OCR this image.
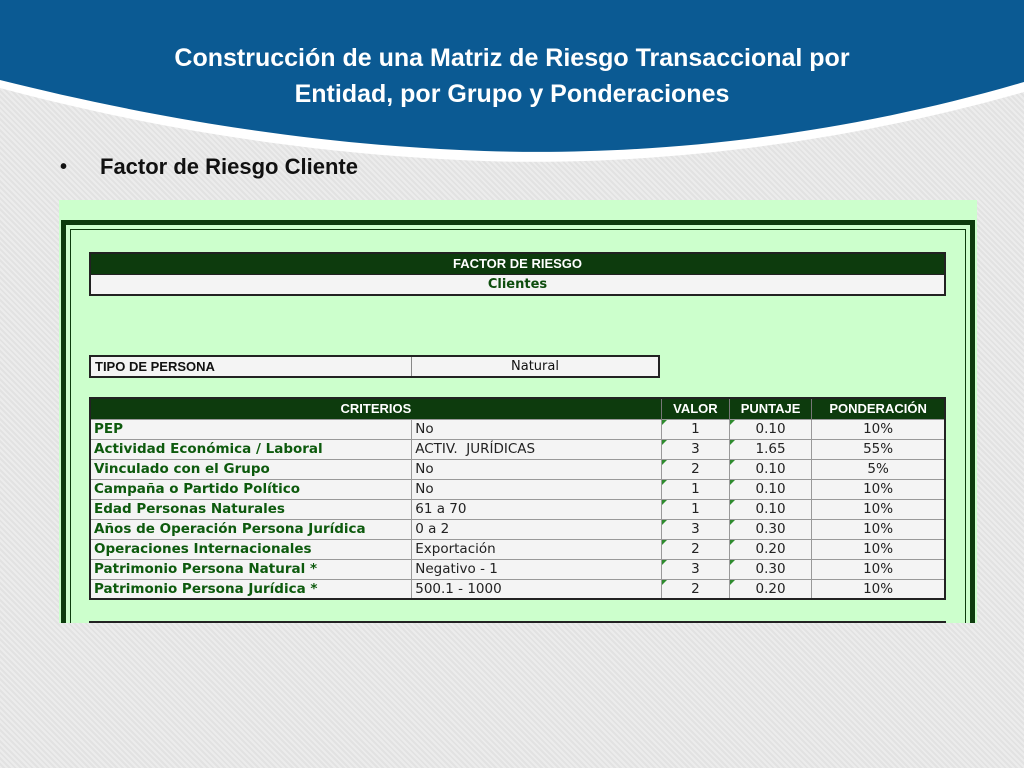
Construcción de una Matriz de Riesgo Transaccional por
Entidad, por Grupo y Ponderaciones
•	Factor de Riesgo Cliente
FACTOR DE RIESGO
Clientes
TIPO DE PERSONA	Natural
CRITERIOS		VALOR	PUNTAJE	PONDERACIÓN
PEP	No	1	0.10	10%
Actividad Económica / Laboral	ACTIV.  JURÍDICAS	3	1.65	55%
Vinculado con el Grupo	No	2	0.10	5%
Campaña o Partido Político	No	1	0.10	10%
Edad Personas Naturales	61 a 70	1	0.10	10%
Años de Operación Persona Jurídica	0 a 2	3	0.30	10%
Operaciones Internacionales	Exportación	2	0.20	10%
Patrimonio Persona Natural *	Negativo - 1	3	0.30	10%
Patrimonio Persona Jurídica *	500.1 - 1000	2	0.20	10%
